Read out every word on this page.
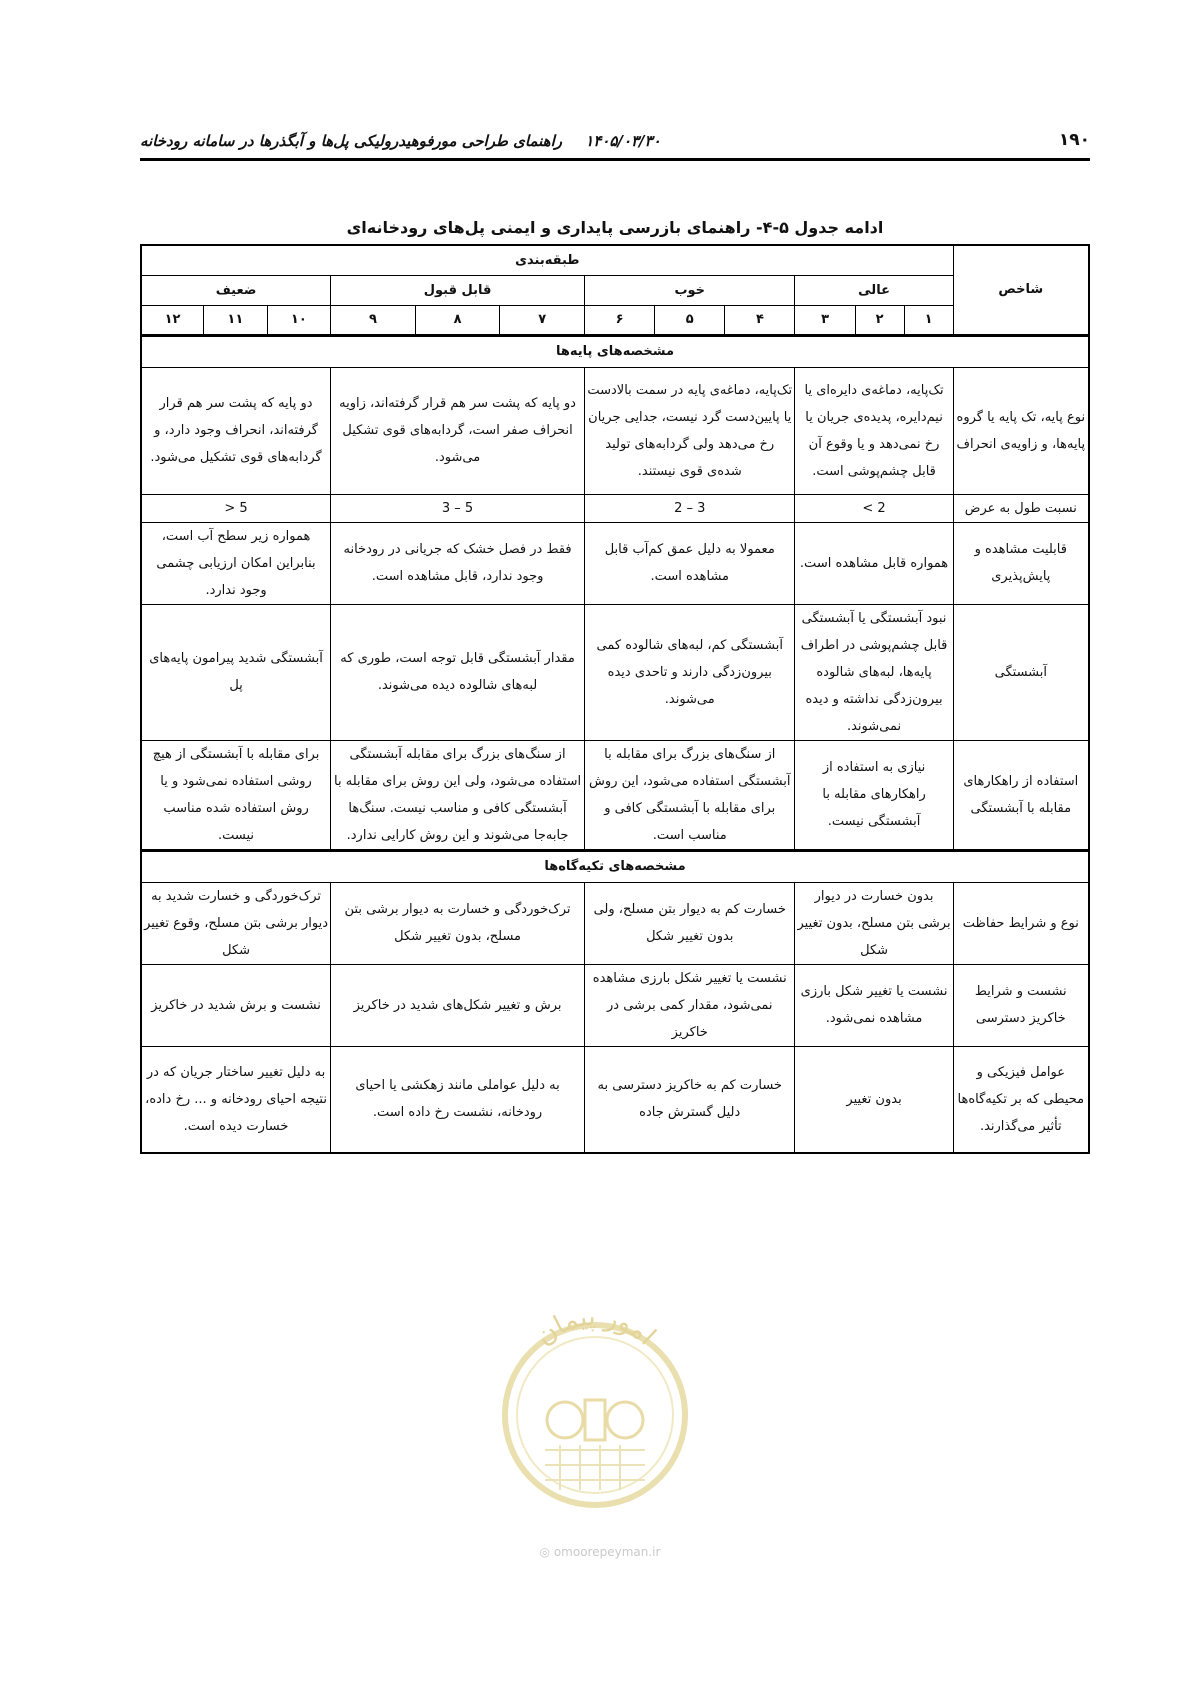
۱۹۰
۱۴۰۵/۰۳/۳۰ راهنمای طراحی مورفوهیدرولیکی پل‌ها و آبگذرها در سامانه رودخانه
ادامه جدول ۵-۴- راهنمای بازرسی پایداری و ایمنی پل‌های رودخانه‌ای
شاخص	طبقه‌بندی											
	عالی			خوب			قابل قبول			ضعیف		
	۱	۲	۳	۴	۵	۶	۷	۸	۹	۱۰	۱۱	۱۲
مشخصه‌های پایه‌ها												
نوع پایه، تک پایه یا گروه پایه‌ها، و زاویه‌ی انحراف	تک‌پایه، دماغه‌ی دایره‌ای یا نیم‌دایره، پدیده‌ی جریان یا رخ نمی‌دهد و یا وقوع آن قابل چشم‌پوشی است.			تک‌پایه، دماغه‌ی پایه در سمت بالادست یا پایین‌دست گرد نیست، جدایی جریان رخ می‌دهد ولی گردابه‌های تولید شده‌ی قوی نیستند.			دو پایه که پشت سر هم قرار گرفته‌اند، زاویه انحراف صفر است، گردابه‌های قوی تشکیل می‌شود.			دو پایه که پشت سر هم قرار گرفته‌اند، انحراف وجود دارد، و گردابه‌های قوی تشکیل می‌شود.		
نسبت طول به عرض	< 2			2 – 3			3 – 5			> 5		
قابلیت مشاهده و پایش‌پذیری	همواره قابل مشاهده است.			معمولا به دلیل عمق کم‌آب قابل مشاهده است.			فقط در فصل خشک که جریانی در رودخانه وجود ندارد، قابل مشاهده است.			همواره زیر سطح آب است، بنابراین امکان ارزیابی چشمی وجود ندارد.		
آبشستگی	نبود آبشستگی یا آبشستگی قابل چشم‌پوشی در اطراف پایه‌ها، لبه‌های شالوده بیرون‌زدگی نداشته و دیده نمی‌شوند.			آبشستگی کم، لبه‌های شالوده کمی بیرون‌زدگی دارند و تاحدی دیده می‌شوند.			مقدار آبشستگی قابل توجه است، طوری که لبه‌های شالوده دیده می‌شوند.			آبشستگی شدید پیرامون پایه‌های پل		
استفاده از راهکارهای مقابله با آبشستگی	نیازی به استفاده از راهکارهای مقابله با آبشستگی نیست.			از سنگ‌های بزرگ برای مقابله با آبشستگی استفاده می‌شود، این روش برای مقابله با آبشستگی کافی و مناسب است.			از سنگ‌های بزرگ برای مقابله آبشستگی استفاده می‌شود، ولی این روش برای مقابله با آبشستگی کافی و مناسب نیست. سنگ‌ها جابه‌جا می‌شوند و این روش کارایی ندارد.			برای مقابله با آبشستگی از هیچ روشی استفاده نمی‌شود و یا روش استفاده شده مناسب نیست.		
مشخصه‌های تکیه‌گاه‌ها												
نوع و شرایط حفاظت	بدون خسارت در دیوار برشی بتن مسلح، بدون تغییر شکل			خسارت کم به دیوار بتن مسلح، ولی بدون تغییر شکل			ترک‌خوردگی و خسارت به دیوار برشی بتن مسلح، بدون تغییر شکل			ترک‌خوردگی و خسارت شدید به دیوار برشی بتن مسلح، وقوع تغییر شکل		
نشست و شرایط خاکریز دسترسی	نشست یا تغییر شکل بارزی مشاهده نمی‌شود.			نشست یا تغییر شکل بارزی مشاهده نمی‌شود، مقدار کمی برشی در خاکریز			برش و تغییر شکل‌های شدید در خاکریز			نشست و برش شدید در خاکریز		
عوامل فیزیکی و محیطی که بر تکیه‌گاه‌ها تأثیر می‌گذارند.	بدون تغییر			خسارت کم به خاکریز دسترسی به دلیل گسترش جاده			به دلیل عواملی مانند زهکشی یا احیای رودخانه، نشست رخ داده است.			به دلیل تغییر ساختار جریان که در نتیجه احیای رودخانه و ... رخ داده، خسارت دیده است.		
امور پیمان
◎ omoorepeyman.ir
